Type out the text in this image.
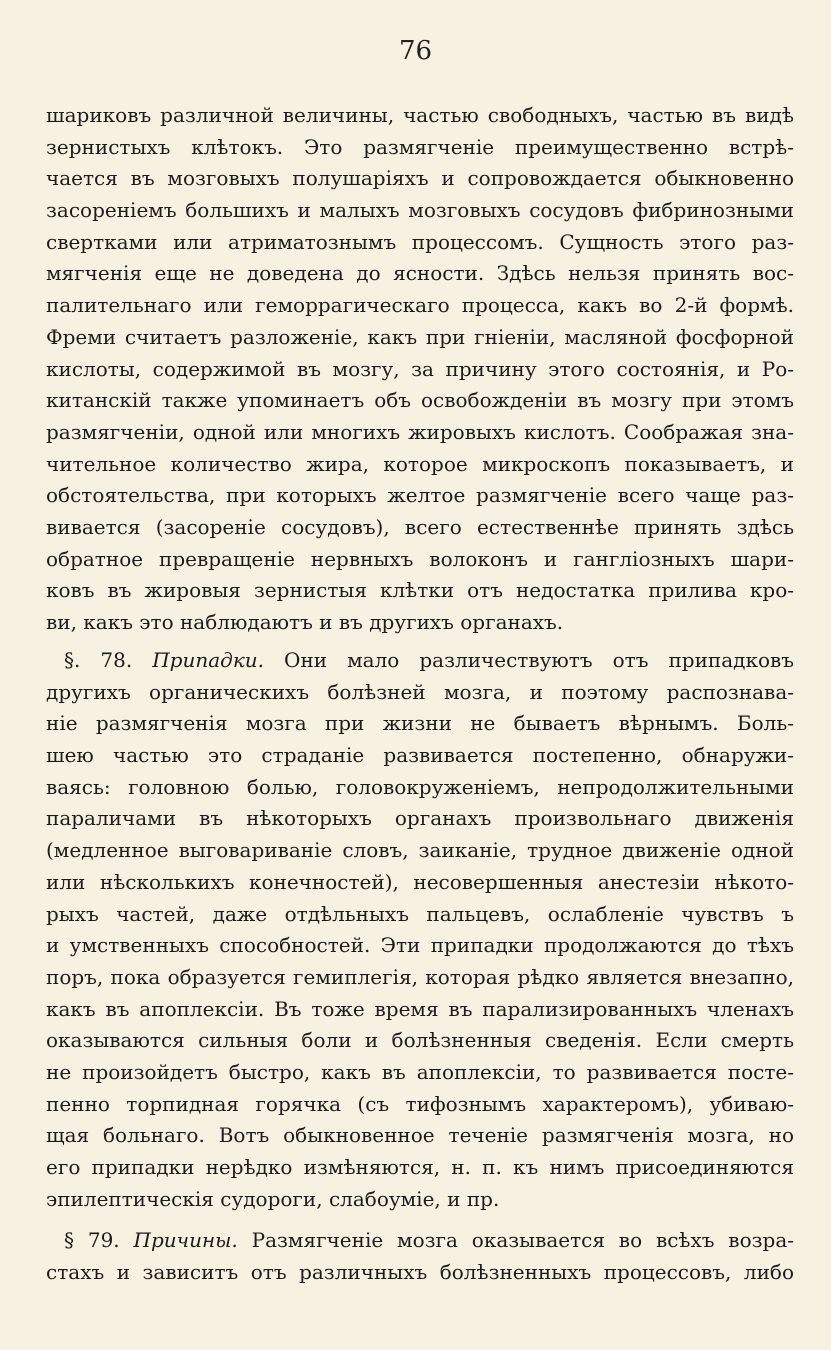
76
шариковъ различной величины, частью свободныхъ, частью въ видѣ
зернистыхъ клѣтокъ. Это размягченіе преимущественно встрѣ-
чается въ мозговыхъ полушаріяхъ и сопровождается обыкновенно
засореніемъ большихъ и малыхъ мозговыхъ сосудовъ фибринозными
свертками или атриматознымъ процессомъ. Сущность этого раз-
мягченія еще не доведена до ясности. Здѣсь нельзя принять вос-
палительнаго или геморрагическаго процесса, какъ во 2-й формѣ.
Фреми считаетъ разложеніе, какъ при гніеніи, масляной фосфорной
кислоты, содержимой въ мозгу, за причину этого состоянія, и Ро-
китанскій также упоминаетъ объ освобожденіи въ мозгу при этомъ
размягченіи, одной или многихъ жировыхъ кислотъ. Соображая зна-
чительное количество жира, которое микроскопъ показываетъ, и
обстоятельства, при которыхъ желтое размягченіе всего чаще раз-
вивается (засореніе сосудовъ), всего естественнѣе принять здѣсь
обратное превращеніе нервныхъ волоконъ и ганглiозныхъ шари-
ковъ въ жировыя зернистыя клѣтки отъ недостатка прилива кро-
ви, какъ это наблюдаютъ и въ другихъ органахъ.
§. 78. Припадки. Они мало различествуютъ отъ припадковъ
другихъ органическихъ болѣзней мозга, и поэтому распознава-
ніе размягченія мозга при жизни не бываетъ вѣрнымъ. Боль-
шею частью это страданіе развивается постепенно, обнаружи-
ваясь: головною болью, головокруженіемъ, непродолжительными
параличами въ нѣкоторыхъ органахъ произвольнаго движенія
(медленное выговариваніе словъ, заиканіе, трудное движеніе одной
или нѣсколькихъ конечностей), несовершенныя анестезіи нѣкото-
рыхъ частей, даже отдѣльныхъ пальцевъ, ослабленіе чувствъ ъ
и умственныхъ способностей. Эти припадки продолжаются до тѣхъ
поръ, пока образуется гемиплегія, которая рѣдко является внезапно,
какъ въ апоплексіи. Въ тоже время въ парализированныхъ членахъ
оказываются сильныя боли и болѣзненныя сведенія. Если смерть
не произойдетъ быстро, какъ въ апоплексіи, то развивается посте-
пенно торпидная горячка (съ тифознымъ характеромъ), убиваю-
щая больнаго. Вотъ обыкновенное теченіе размягченія мозга, но
его припадки нерѣдко измѣняются, н. п. къ нимъ присоединяются
эпилептическія судороги, слабоуміе, и пр.
§ 79. Причины. Размягченіе мозга оказывается во всѣхъ возра-
стахъ и зависитъ отъ различныхъ болѣзненныхъ процессовъ, либо
